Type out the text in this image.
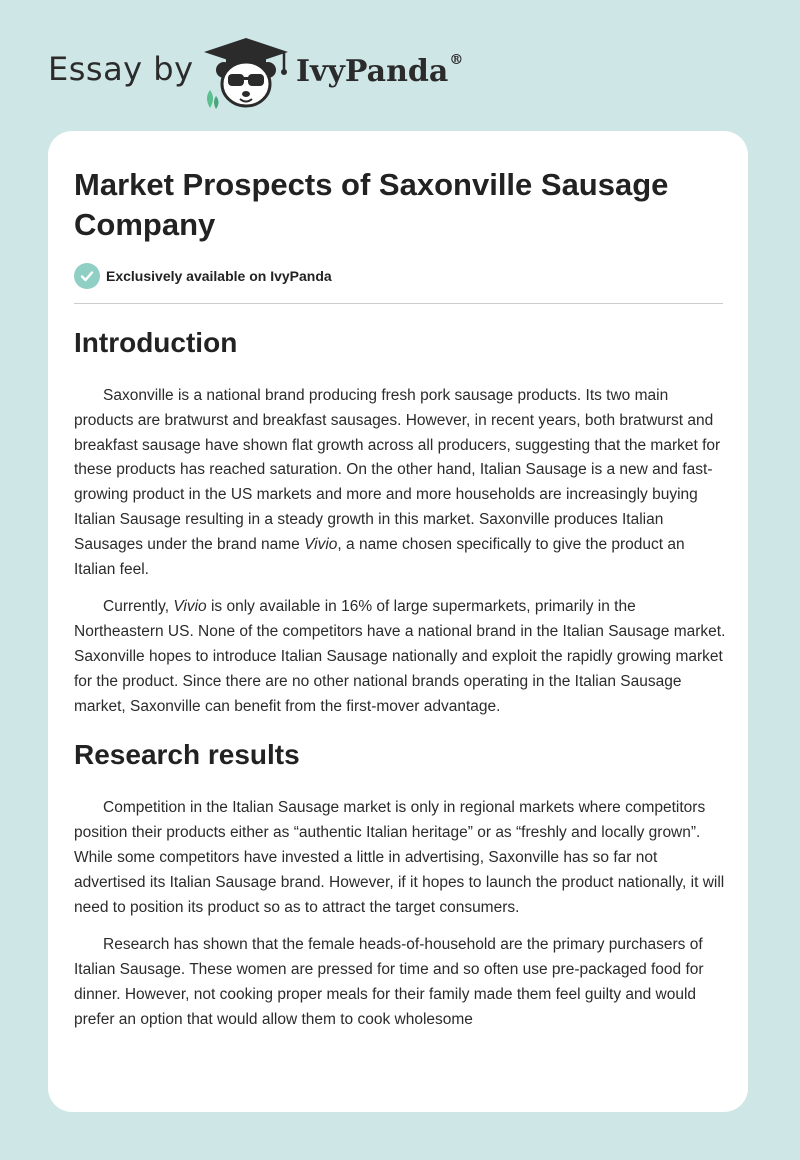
Essay by	IvyPanda®
Market Prospects of Saxonville Sausage Company
Exclusively available on IvyPanda
Introduction

Saxonville is a national brand producing fresh pork sausage products. Its two main products are bratwurst and breakfast sausages. However, in recent years, both bratwurst and breakfast sausage have shown flat growth across all producers, suggesting that the market for these products has reached saturation. On the other hand, Italian Sausage is a new and fast-growing product in the US markets and more and more households are increasingly buying Italian Sausage resulting in a steady growth in this market. Saxonville produces Italian Sausages under the brand name Vivio, a name chosen specifically to give the product an Italian feel.

Currently, Vivio is only available in 16% of large supermarkets, primarily in the Northeastern US. None of the competitors have a national brand in the Italian Sausage market. Saxonville hopes to introduce Italian Sausage nationally and exploit the rapidly growing market for the product. Since there are no other national brands operating in the Italian Sausage market, Saxonville can benefit from the first-mover advantage.

Research results

Competition in the Italian Sausage market is only in regional markets where competitors position their products either as “authentic Italian heritage” or as “freshly and locally grown”. While some competitors have invested a little in advertising, Saxonville has so far not advertised its Italian Sausage brand. However, if it hopes to launch the product nationally, it will need to position its product so as to attract the target consumers.

Research has shown that the female heads-of-household are the primary purchasers of Italian Sausage. These women are pressed for time and so often use pre-packaged food for dinner. However, not cooking proper meals for their family made them feel guilty and would prefer an option that would allow them to cook wholesome
